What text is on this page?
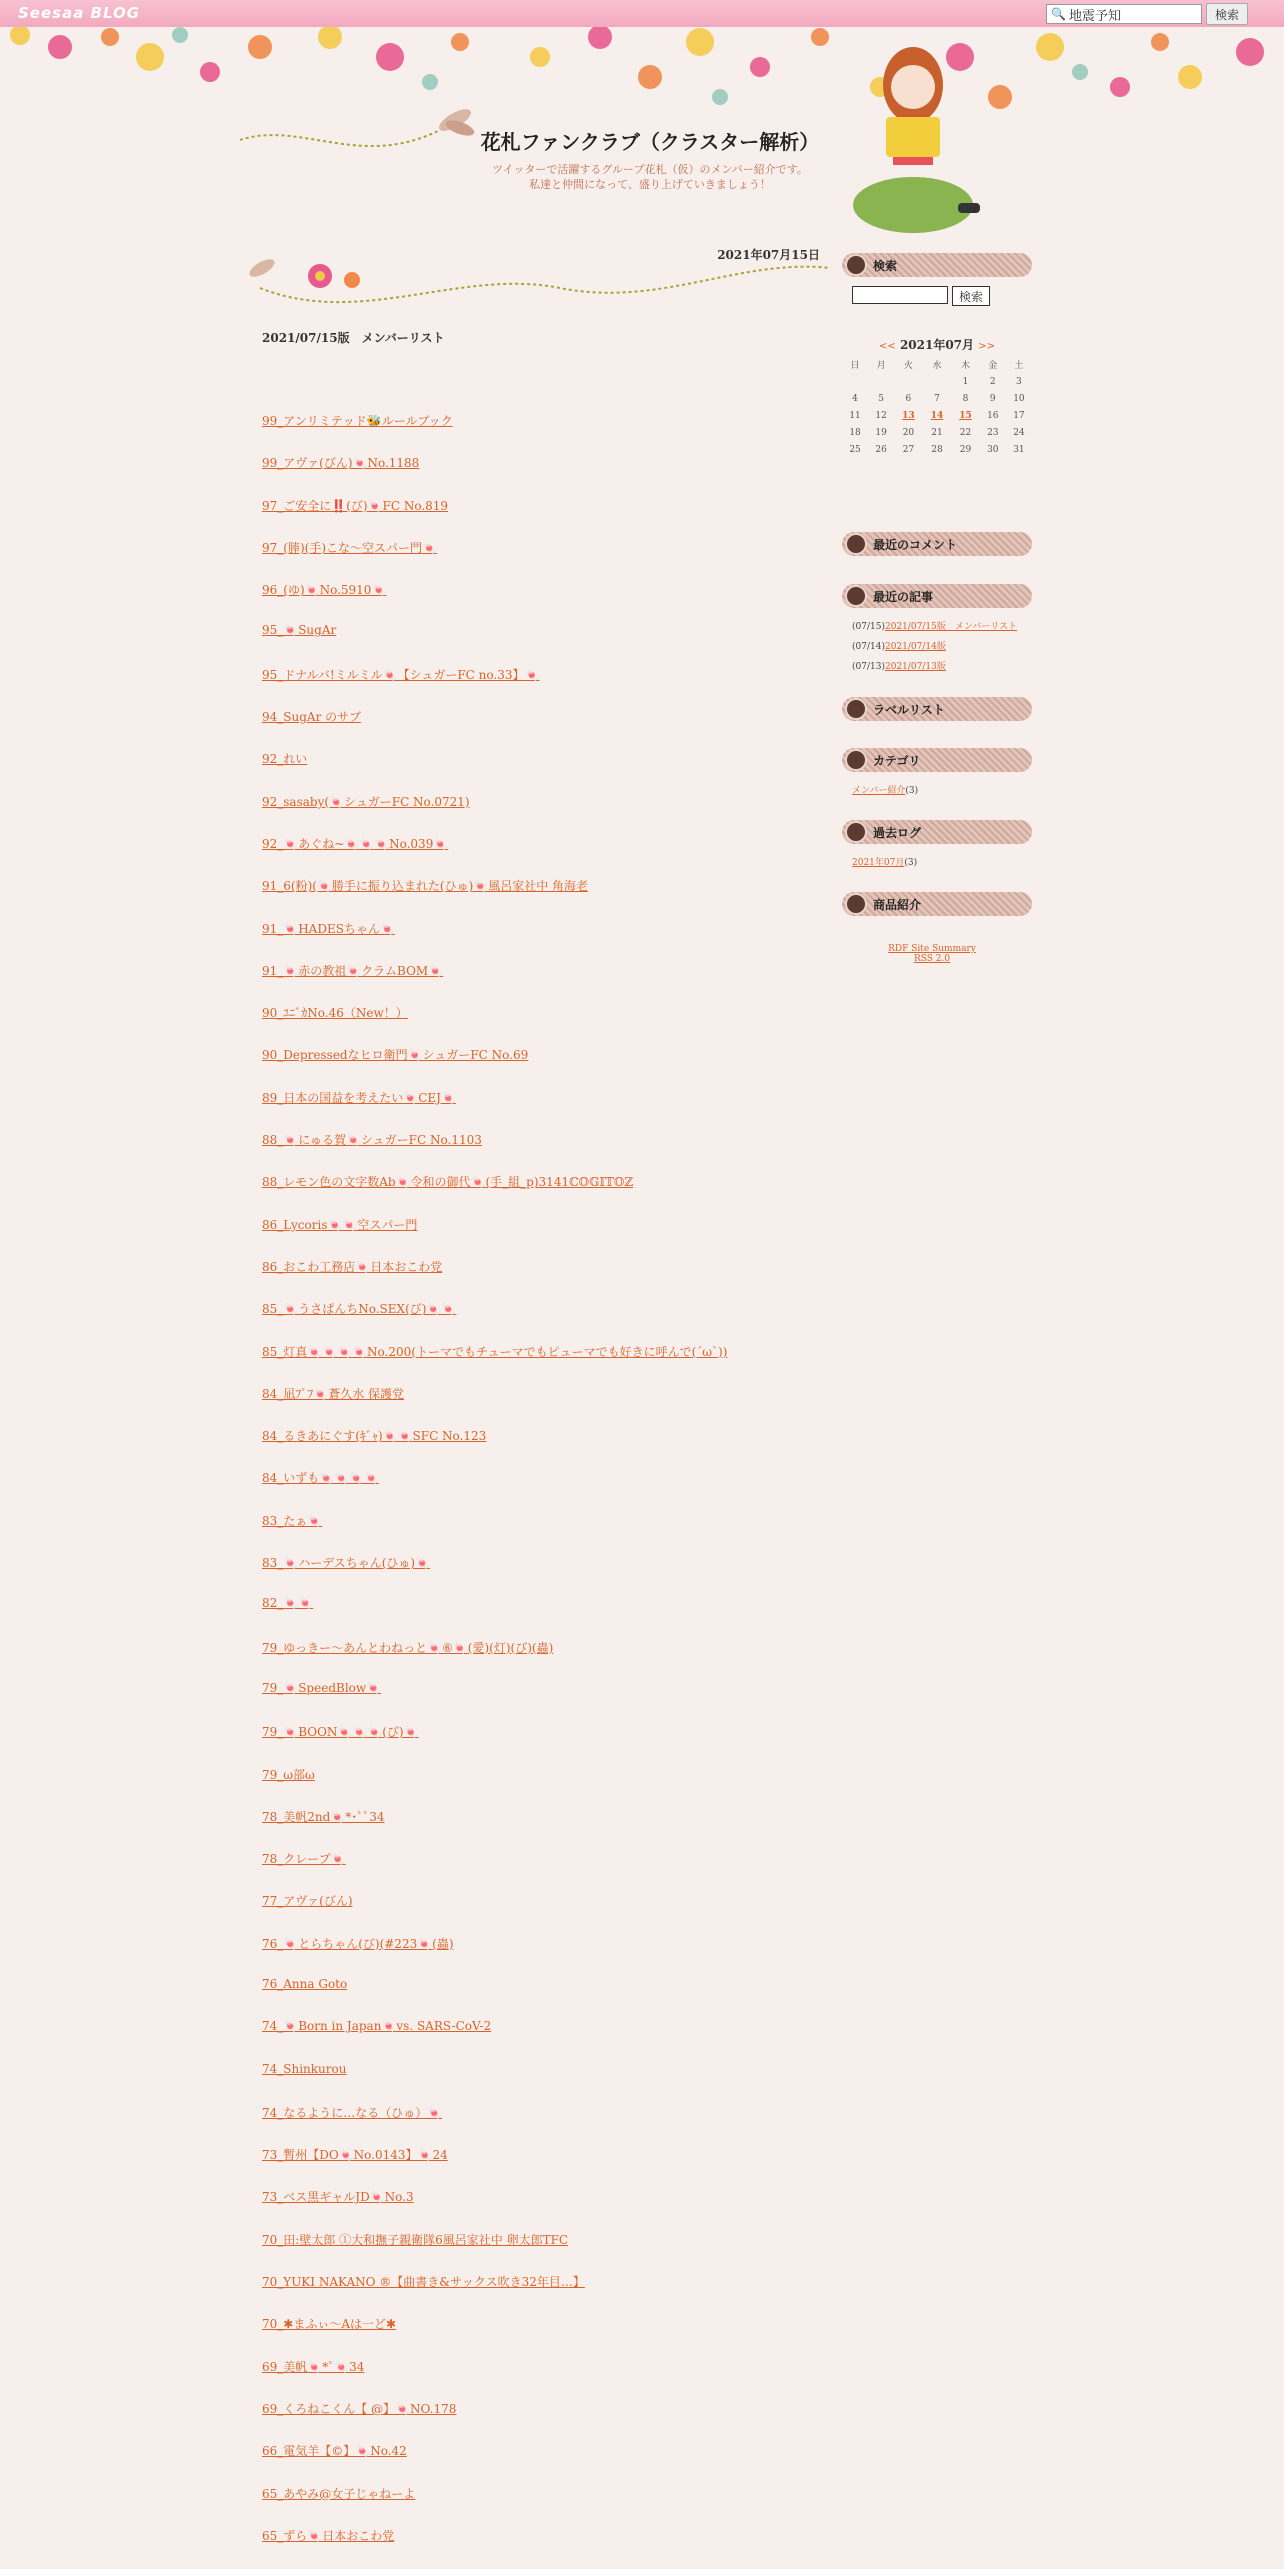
Seesaa BLOG	🔍 地震予知	検索
花札ファンクラブ（クラスター解析）
ツイッターで活躍するグループ花札（仮）のメンバー紹介です。
私達と仲間になって、盛り上げていきましょう！
2021年07月15日
2021/07/15版　メンバーリスト
99_アンリミテッド🐝ルールブック
99_アヴァ(びん)🍬No.1188
97_ご安全に‼️(び)🍬FC No.819
97_(䏾)(手)こな〜空スパー門🍬
96_(ゆ)🍬No.5910🍬
95_🍬SugAr
95_ドナルバ!ミルミル🍬【シュガーFC no.33】🍬
94_SugAr のサブ
92_れい
92_sasaby(🍬シュガーFC No.0721)
92_🍬あぐね~🍬🍬🍬No.039🍬
91_6(粉)(🍬勝手に振り込まれた(ひゅ)🍬風呂家社中 角海老
91_🍬HADESちゃん🍬
91_🍬赤の教祖🍬クラムBOM🍬
90_ﾕﾆﾞｶNo.46（New！）
90_Depressedなヒロ衛門🍬シュガーFC No.69
89_日本の国益を考えたい🍬CEJ🍬
88_🍬にゅる賀🍬シュガーFC No.1103
88_レモン色の文字数Ab🍬令和の御代🍬(手_組_p)3141ℂ𝕆𝔾𝕀𝕋𝕆ℤ
86_Lycoris🍬🍬空スパー門
86_おこわ工務店🍬日本おこわ党
85_🍬うさぱんちNo.SEX(び)🍬🍬
85_灯真🍬🍬🍬🍬No.200(トーマでもチューマでもピューマでも好きに呼んで(´ω`))
84_凪ﾌﾟﾌ🍬蒼久水 保護党
84_るきあにぐす(ｷﾞｬ)🍬🍬SFC No.123
84_いずも🍬🍬🍬🍬
83_たぁ🍬
83_🍬ハーデスちゃん(ひゅ)🍬
82_🍬🍬
79_ゆっきー～あんとわねっと🍬⑥🍬(愛)(灯)(び)(蟲)
79_🍬SpeedBlow🍬
79_🍬BOON🍬🍬🍬(び)🍬
79_ω部ω
78_美帆2nd🍬*･ﾟﾟ34
78_クレープ🍬
77_アヴァ(びん)
76_🍬とらちゃん(び)(#223🍬(蟲)
76_Anna Goto
74_🍬Born in Japan🍬vs. SARS-CoV-2
74_Shinkurou
74_なるように…なる（ひゅ）🍬
73_暫州【DO🍬No.0143】🍬24
73_ベス黒ギャルJD🍬No.3
70_田:壁太郎 ①大和撫子親衛隊6風呂家社中 卵太郎TFC
70_YUKI NAKANO ®【曲書き&サックス吹き32年目…】
70_✱まふぃ～Aは一ど✱
69_美帆🍬*ﾟ🍬34
69_くろねこくん【 @】🍬NO.178
66_電気羊【©】🍬No.42
65_あやみ@女子じゃねーよ
65_ずら🍬日本おこわ党
検索
検索
<< 2021年07月 >>
日	月	火	水	木	金	土
				1	2	3
4	5	6	7	8	9	10
11	12	13	14	15	16	17
18	19	20	21	22	23	24
25	26	27	28	29	30	31
最近のコメント
最近の記事
(07/15)2021/07/15版　メンバーリスト
(07/14)2021/07/14版
(07/13)2021/07/13版
ラベルリスト
カテゴリ
メンバー紹介(3)
過去ログ
2021年07月(3)
商品紹介
RDF Site Summary
RSS 2.0
